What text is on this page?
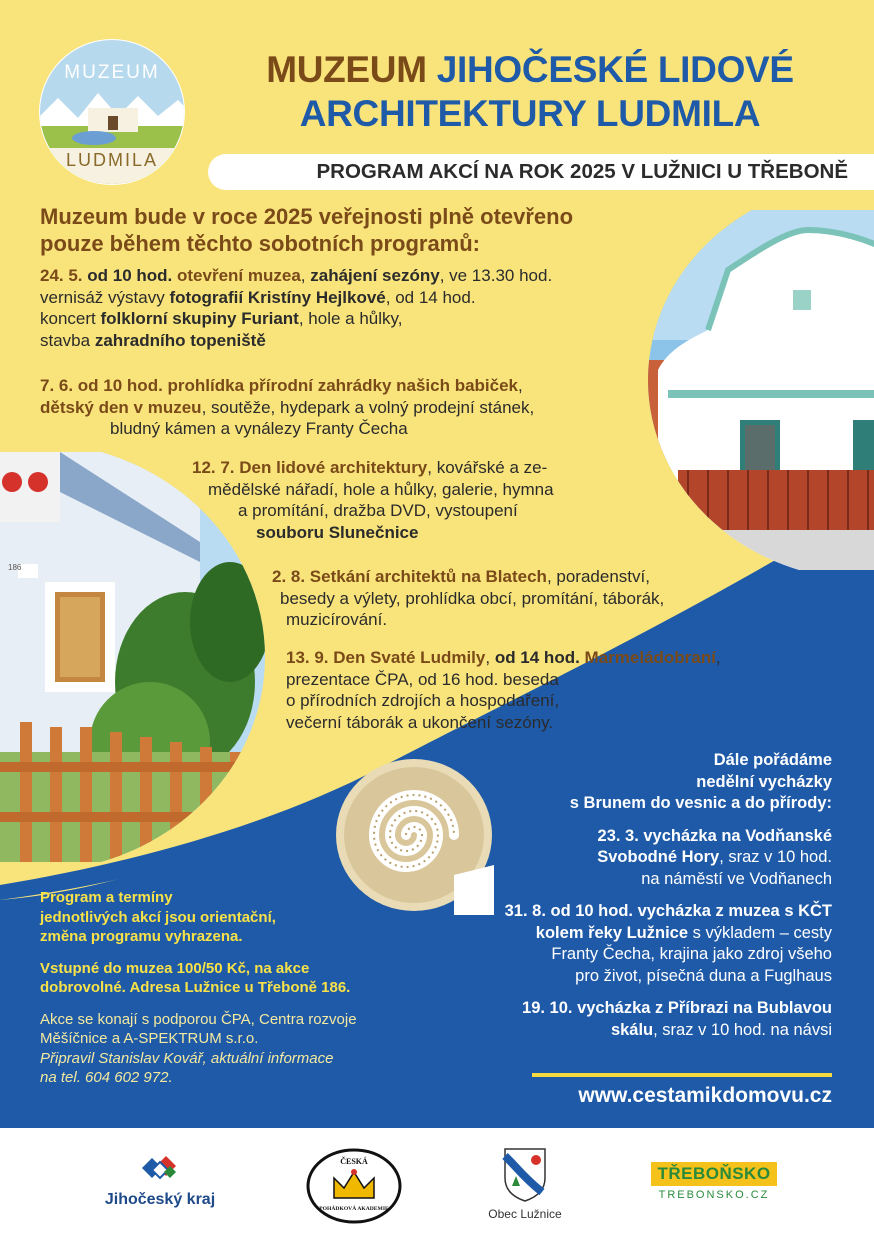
186
MUZEUM
LUDMILA
MUZEUM JIHOČESKÉ LIDOVÉ
ARCHITEKTURY LUDMILA
PROGRAM AKCÍ NA ROK 2025 V LUŽNICI U TŘEBONĚ
Muzeum bude v roce 2025 veřejnosti plně otevřeno
pouze během těchto sobotních programů:
24. 5. od 10 hod. otevření muzea, zahájení sezóny, ve 13.30 hod.
vernisáž výstavy fotografií Kristíny Hejlkové, od 14 hod.
koncert folklorní skupiny Furiant, hole a hůlky,
stavba zahradního topeniště
7. 6. od 10 hod. prohlídka přírodní zahrádky našich babiček,
dětský den v muzeu, soutěže, hydepark a volný prodejní stánek,
bludný kámen a vynálezy Franty Čecha
12. 7. Den lidové architektury, kovářské a ze-
mědělské nářadí, hole a hůlky, galerie, hymna
a promítání, dražba DVD, vystoupení
souboru Slunečnice
2. 8. Setkání architektů na Blatech, poradenství,
besedy a výlety, prohlídka obcí, promítání, táborák,
muzicírování.
13. 9. Den Svaté Ludmily, od 14 hod. Marmeládobraní,
prezentace ČPA, od 16 hod. beseda
o přírodních zdrojích a hospodaření,
večerní táborák a ukončení sezóny.

Dále pořádáme
nedělní vycházky
s Brunem do vesnic a do přírody:

23. 3. vycházka na Vodňanské
Svobodné Hory, sraz v 10 hod.
na náměstí ve Vodňanech

31. 8. od 10 hod. vycházka z muzea s KČT
kolem řeky Lužnice s výkladem – cesty
Franty Čecha, krajina jako zdroj všeho
pro život, písečná duna a Fuglhaus

19. 10. vycházka z Příbrazi na Bublavou
skálu, sraz v 10 hod. na návsi

Program a termíny
jednotlivých akcí jsou orientační,
změna programu vyhrazena.

Vstupné do muzea 100/50 Kč, na akce
dobrovolné. Adresa Lužnice u Třeboně 186.

Akce se konají s podporou ČPA, Centra rozvoje
Měšíčnice a A-SPEKTRUM s.r.o.
Připravil Stanislav Kovář, aktuální informace
na tel. 604 602 972.

www.cestamikdomovu.cz
Jihočeský kraj
ČESKÁ
POHÁDKOVÁ AKADEMIE	Obec Lužnice
TŘEBOŇSKO
TREBONSKO.CZ
